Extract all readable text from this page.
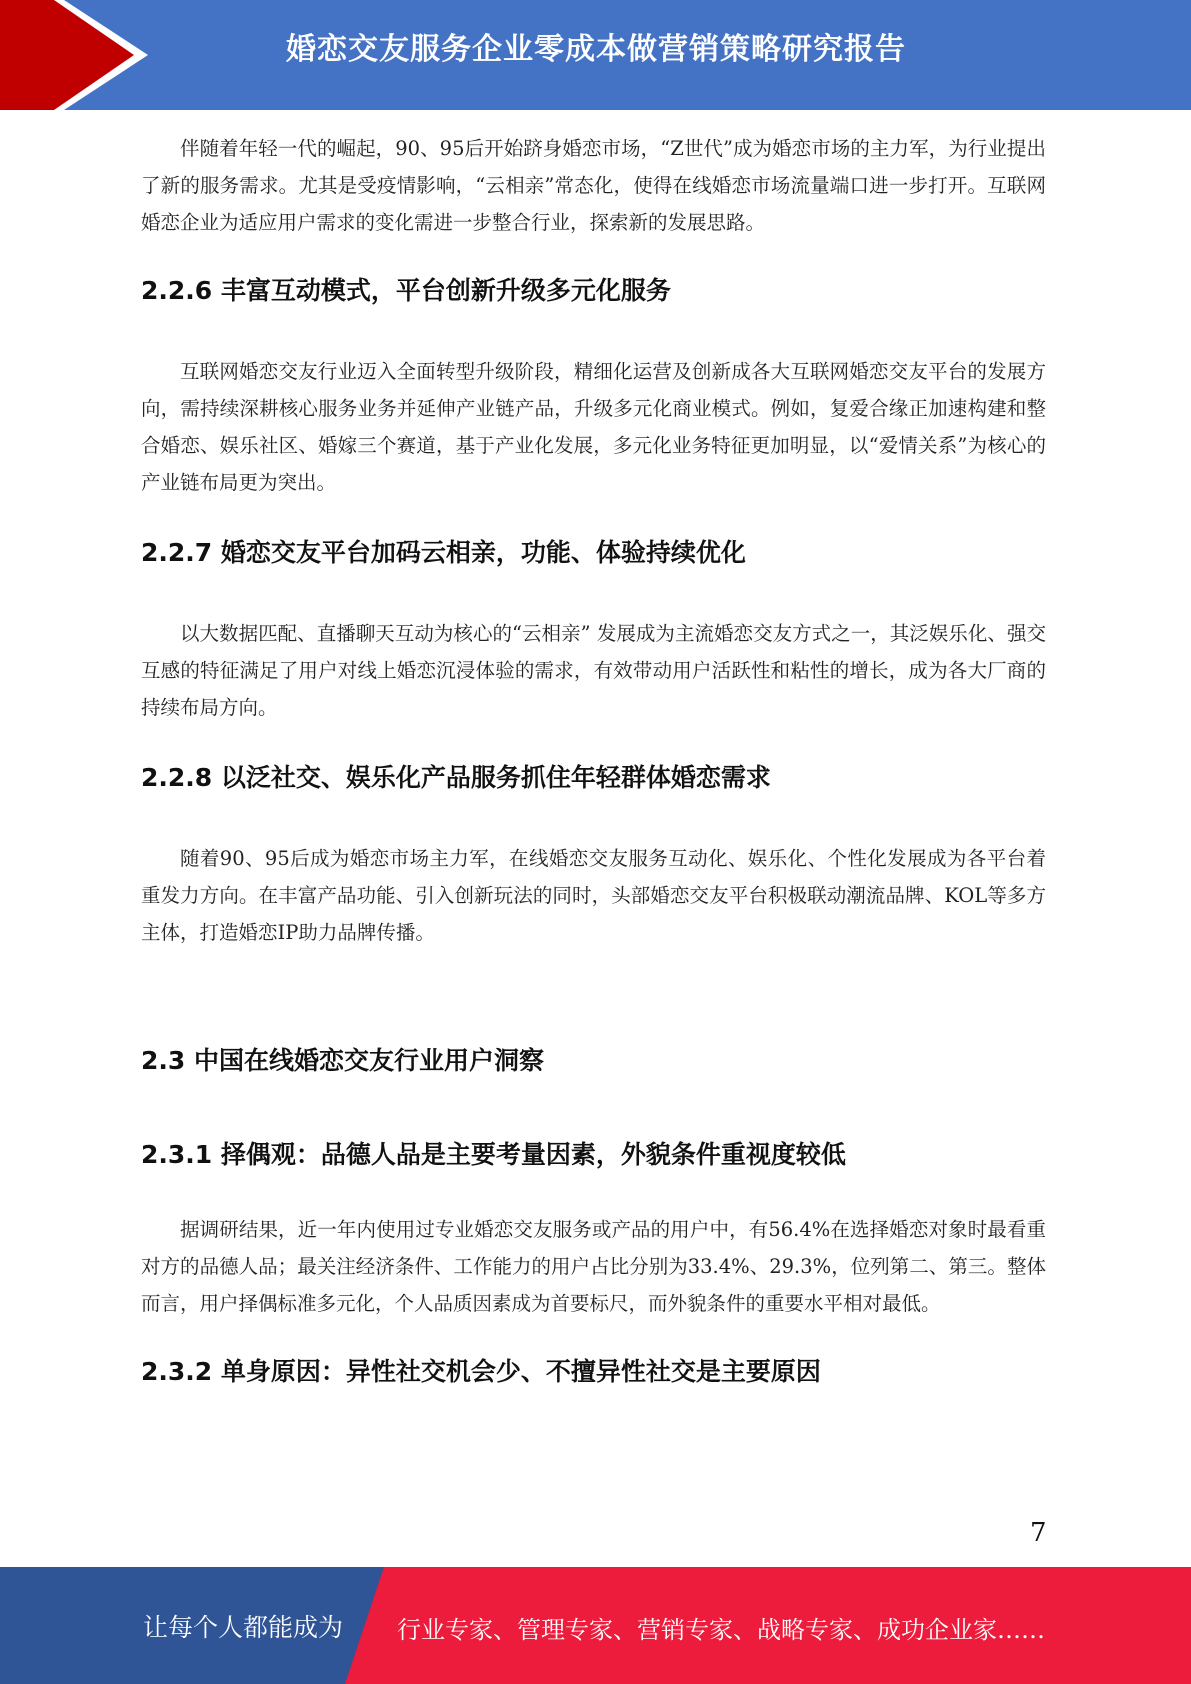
婚恋交友服务企业零成本做营销策略研究报告

伴随着年轻一代的崛起，90、95后开始跻身婚恋市场，“Z世代”成为婚恋市场的主力军，为行业提出了新的服务需求。尤其是受疫情影响，“云相亲”常态化，使得在线婚恋市场流量端口进一步打开。互联网婚恋企业为适应用户需求的变化需进一步整合行业，探索新的发展思路。

2.2.6 丰富互动模式，平台创新升级多元化服务

互联网婚恋交友行业迈入全面转型升级阶段，精细化运营及创新成各大互联网婚恋交友平台的发展方向，需持续深耕核心服务业务并延伸产业链产品，升级多元化商业模式。例如，复爱合缘正加速构建和整合婚恋、娱乐社区、婚嫁三个赛道，基于产业化发展，多元化业务特征更加明显，以“爱情关系”为核心的产业链布局更为突出。

2.2.7 婚恋交友平台加码云相亲，功能、体验持续优化

以大数据匹配、直播聊天互动为核心的“云相亲” 发展成为主流婚恋交友方式之一，其泛娱乐化、强交互感的特征满足了用户对线上婚恋沉浸体验的需求，有效带动用户活跃性和粘性的增长，成为各大厂商的持续布局方向。

2.2.8 以泛社交、娱乐化产品服务抓住年轻群体婚恋需求

随着90、95后成为婚恋市场主力军，在线婚恋交友服务互动化、娱乐化、个性化发展成为各平台着重发力方向。在丰富产品功能、引入创新玩法的同时，头部婚恋交友平台积极联动潮流品牌、KOL等多方主体，打造婚恋IP助力品牌传播。

2.3 中国在线婚恋交友行业用户洞察
2.3.1 择偶观：品德人品是主要考量因素，外貌条件重视度较低

据调研结果，近一年内使用过专业婚恋交友服务或产品的用户中，有56.4%在选择婚恋对象时最看重对方的品德人品；最关注经济条件、工作能力的用户占比分别为33.4%、29.3%，位列第二、第三。整体而言，用户择偶标准多元化，个人品质因素成为首要标尺，而外貌条件的重要水平相对最低。

2.3.2 单身原因：异性社交机会少、不擅异性社交是主要原因
7
让每个人都能成为 行业专家、管理专家、营销专家、战略专家、成功企业家……
